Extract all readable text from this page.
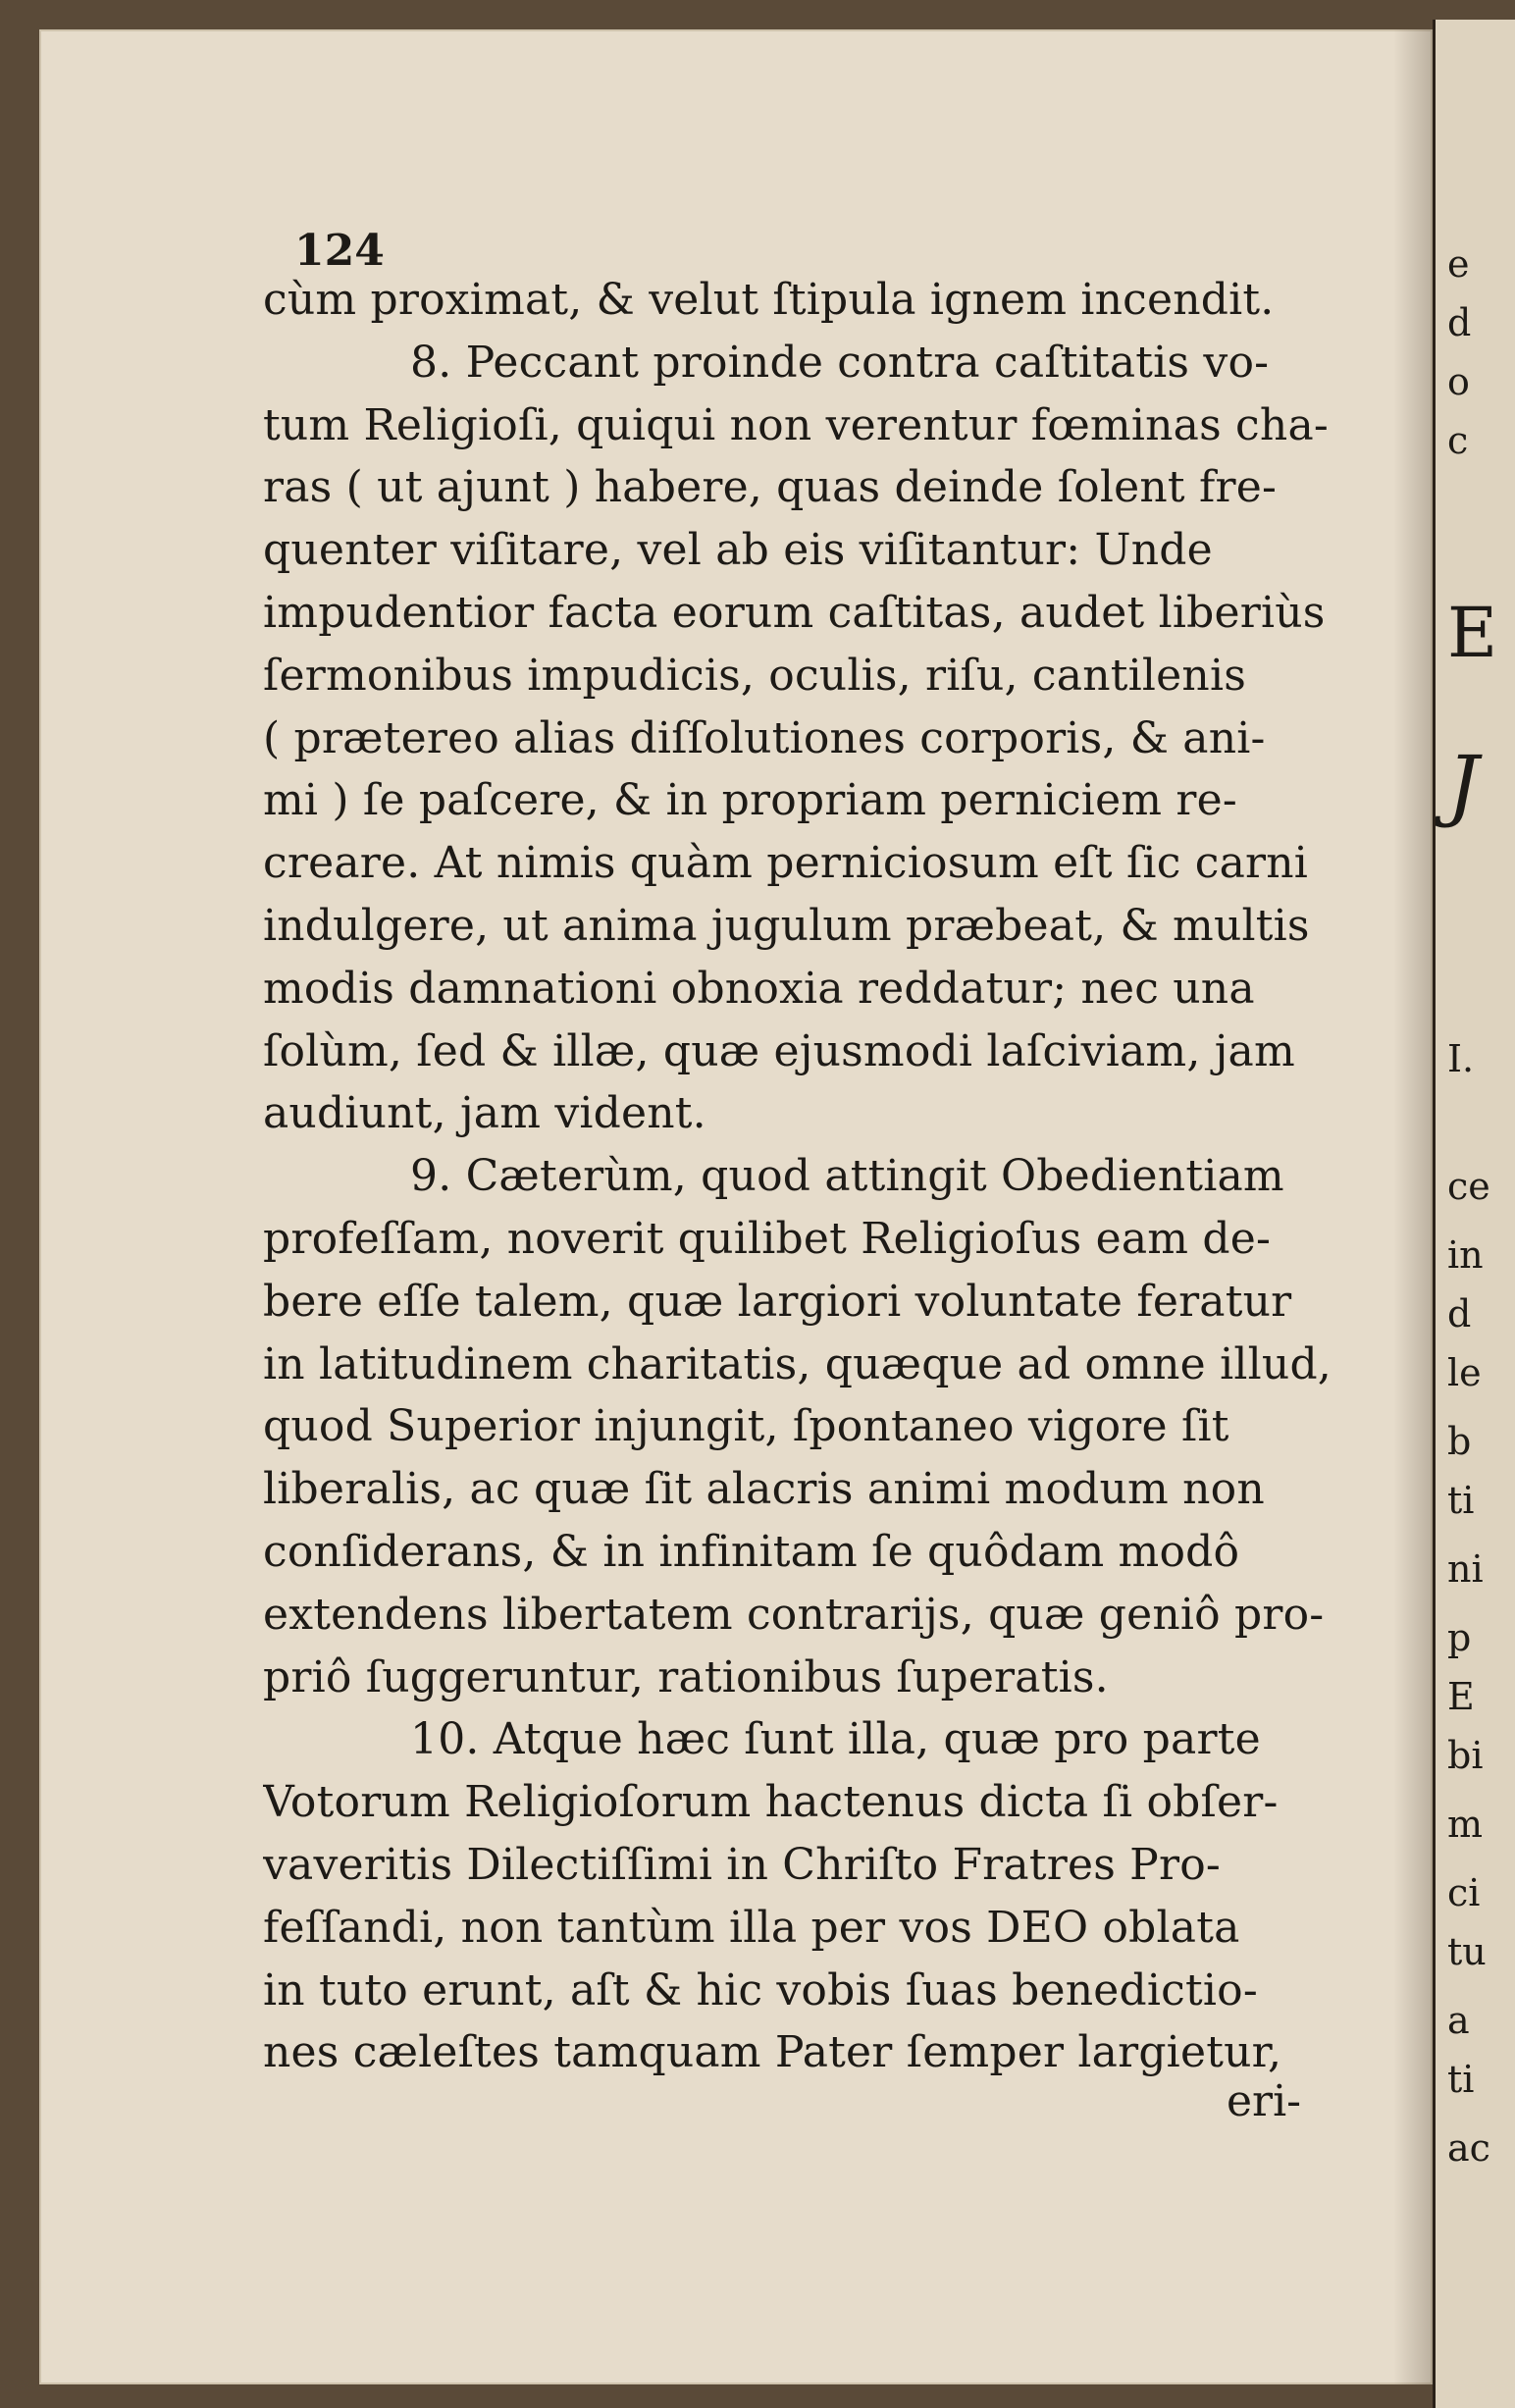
124
cùm proximat, & velut ſtipula ignem incendit.
8. Peccant proinde contra caſtitatis vo-
tum Religioſi, quiqui non verentur fœminas cha-
ras ( ut ajunt ) habere, quas deinde ſolent fre-
quenter viſitare, vel ab eis viſitantur: Unde
impudentior facta eorum caſtitas, audet liberiùs
ſermonibus impudicis, oculis, riſu, cantilenis
( prætereo alias diſſolutiones corporis, & ani-
mi ) ſe paſcere, & in propriam perniciem re-
creare. At nimis quàm perniciosum eſt ſic carni
indulgere, ut anima jugulum præbeat, & multis
modis damnationi obnoxia reddatur; nec una
ſolùm, ſed & illæ, quæ ejusmodi laſciviam, jam
audiunt, jam vident.
9. Cæterùm, quod attingit Obedientiam
profeſſam, noverit quilibet Religioſus eam de-
bere eſſe talem, quæ largiori voluntate feratur
in latitudinem charitatis, quæque ad omne illud,
quod Superior injungit, ſpontaneo vigore ſit
liberalis, ac quæ ſit alacris animi modum non
conſiderans, & in infinitam ſe quôdam modô
extendens libertatem contrarijs, quæ geniô pro-
priô ſuggeruntur, rationibus ſuperatis.
10. Atque hæc ſunt illa, quæ pro parte
Votorum Religioſorum hactenus dicta ſi obſer-
vaveritis Dilectiſſimi in Chriſto Fratres Pro-
feſſandi, non tantùm illa per vos DEO oblata
in tuto erunt, aſt & hic vobis ſuas benedictio-
nes cæleſtes tamquam Pater ſemper largietur,
eri-
e
d
o
c
E
J
I.
ce
in
d
le
b
ti
ni
p
E
bi
m
ci
tu
a
ti
ac
